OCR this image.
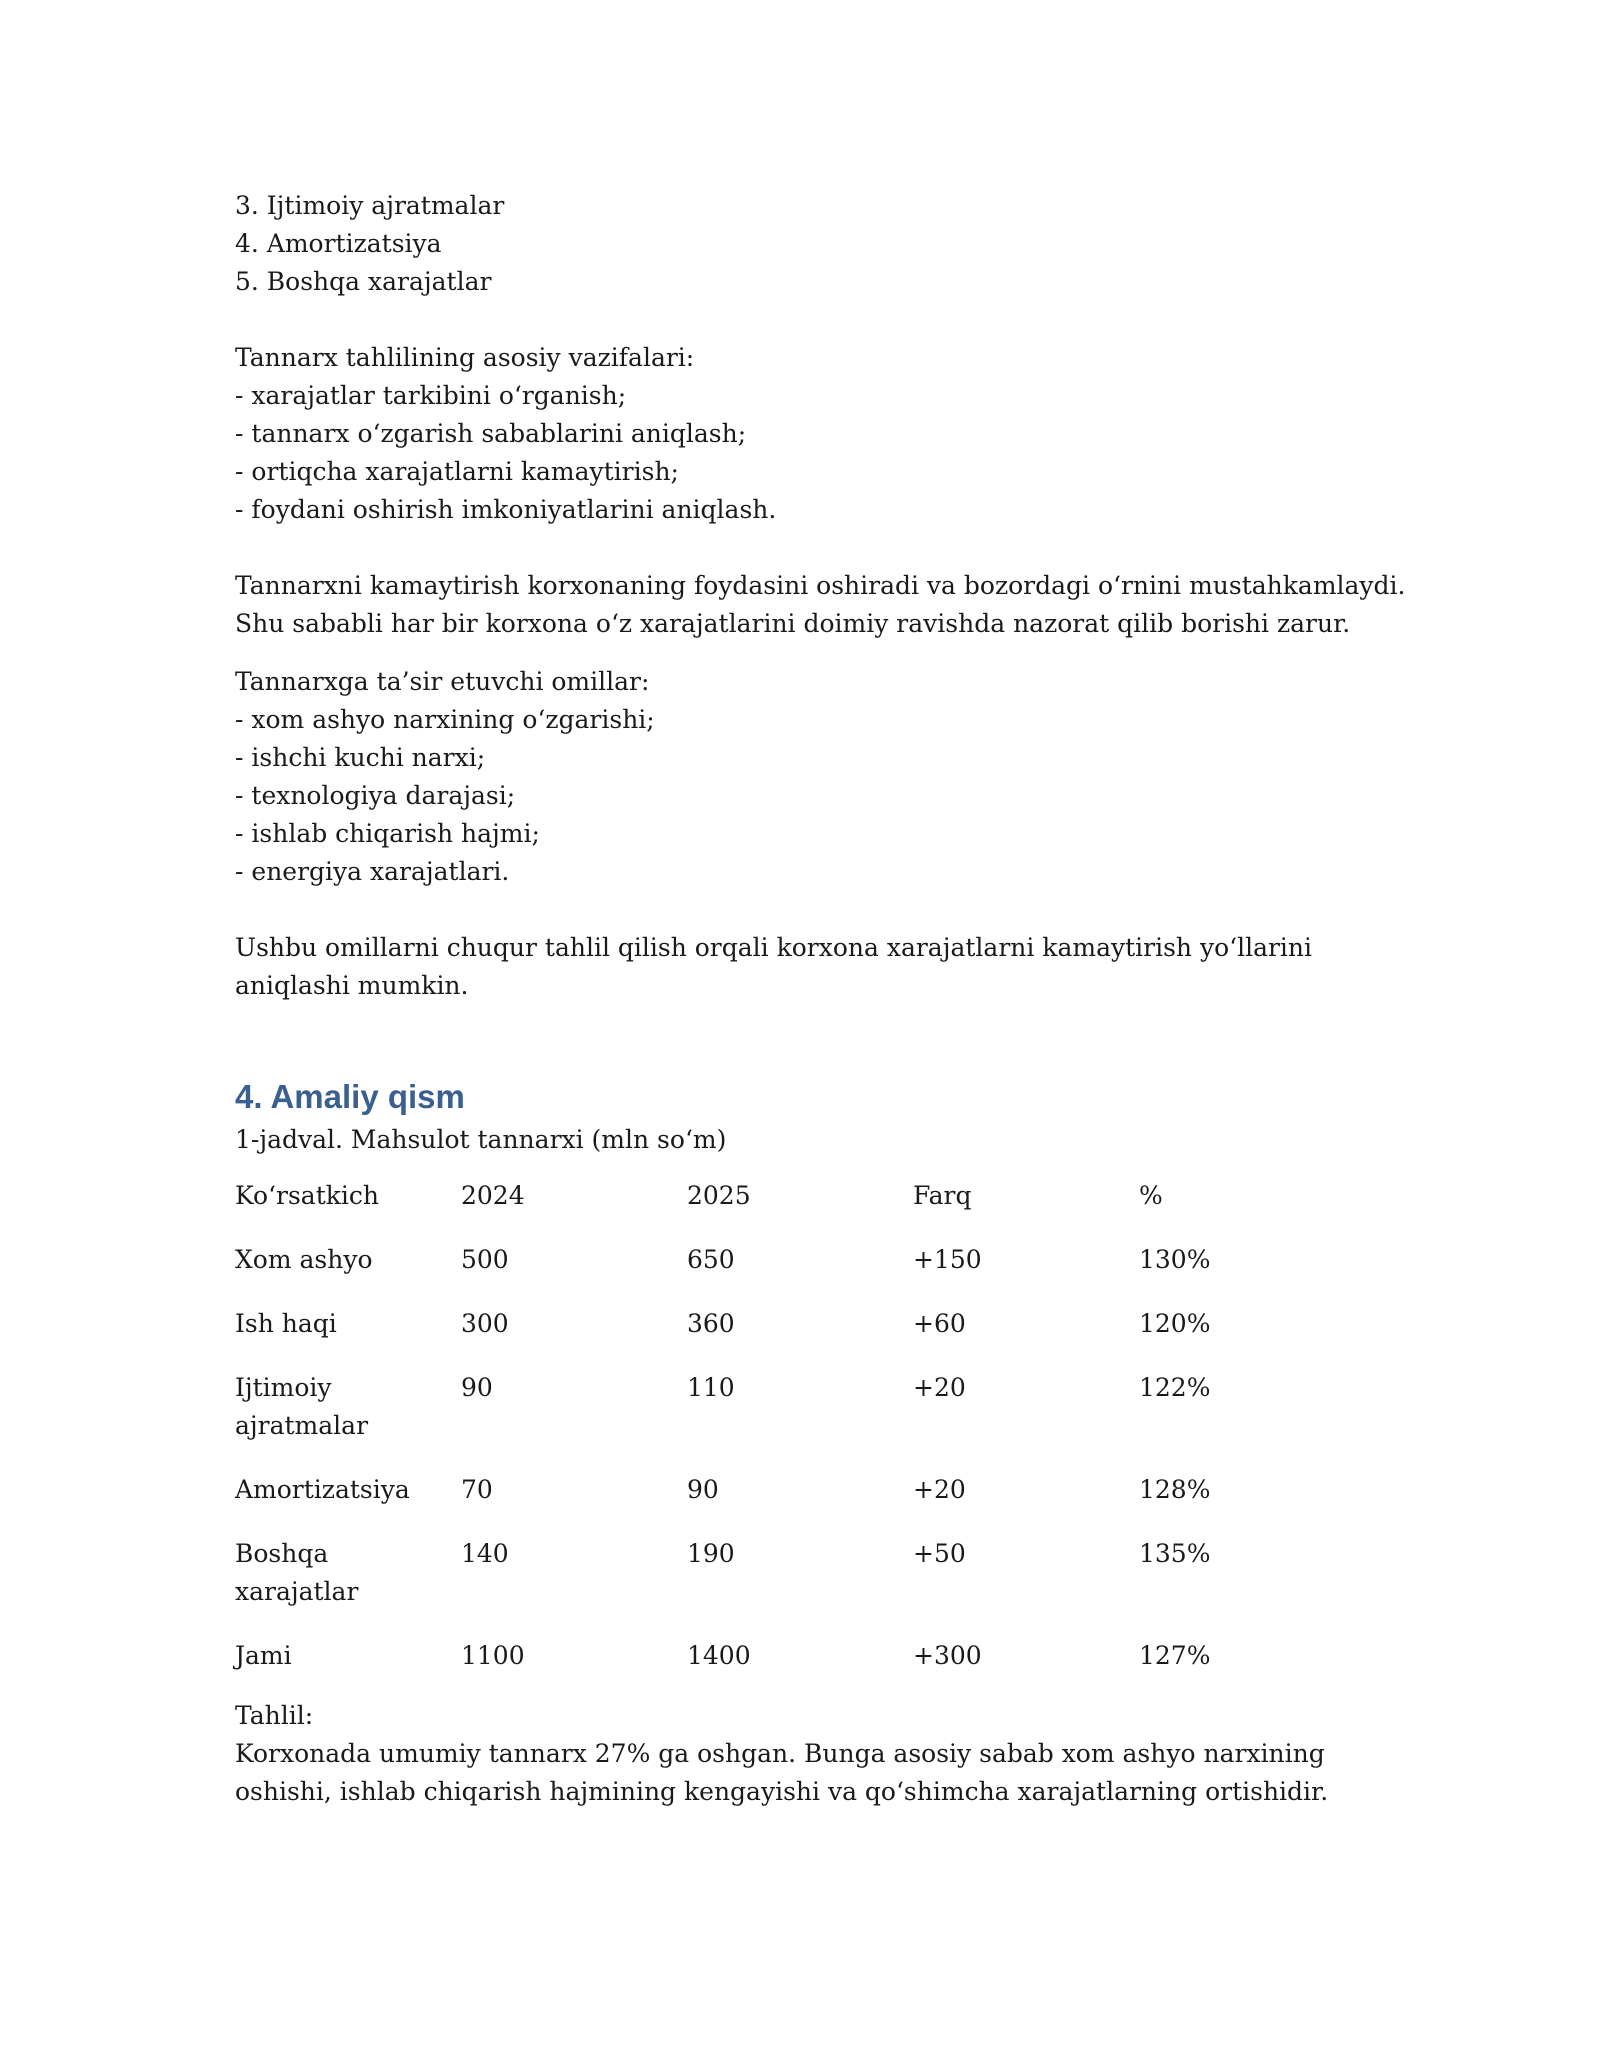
3. Ijtimoiy ajratmalar
4. Amortizatsiya
5. Boshqa xarajatlar
Tannarx tahlilining asosiy vazifalari:
- xarajatlar tarkibini o‘rganish;
- tannarx o‘zgarish sabablarini aniqlash;
- ortiqcha xarajatlarni kamaytirish;
- foydani oshirish imkoniyatlarini aniqlash.
Tannarxni kamaytirish korxonaning foydasini oshiradi va bozordagi o‘rnini mustahkamlaydi.
Shu sababli har bir korxona o‘z xarajatlarini doimiy ravishda nazorat qilib borishi zarur.
Tannarxga ta’sir etuvchi omillar:
- xom ashyo narxining o‘zgarishi;
- ishchi kuchi narxi;
- texnologiya darajasi;
- ishlab chiqarish hajmi;
- energiya xarajatlari.
Ushbu omillarni chuqur tahlil qilish orqali korxona xarajatlarni kamaytirish yo‘llarini aniqlashi mumkin.
4. Amaliy qism
1-jadval. Mahsulot tannarxi (mln so‘m)
Ko‘rsatkich	2024	2025	Farq	%
Xom ashyo	500	650	+150	130%
Ish haqi	300	360	+60	120%
Ijtimoiy ajratmalar	90	110	+20	122%
Amortizatsiya	70	90	+20	128%
Boshqa xarajatlar	140	190	+50	135%
Jami	1100	1400	+300	127%
Tahlil:
Korxonada umumiy tannarx 27% ga oshgan. Bunga asosiy sabab xom ashyo narxining oshishi, ishlab chiqarish hajmining kengayishi va qo‘shimcha xarajatlarning ortishidir.
